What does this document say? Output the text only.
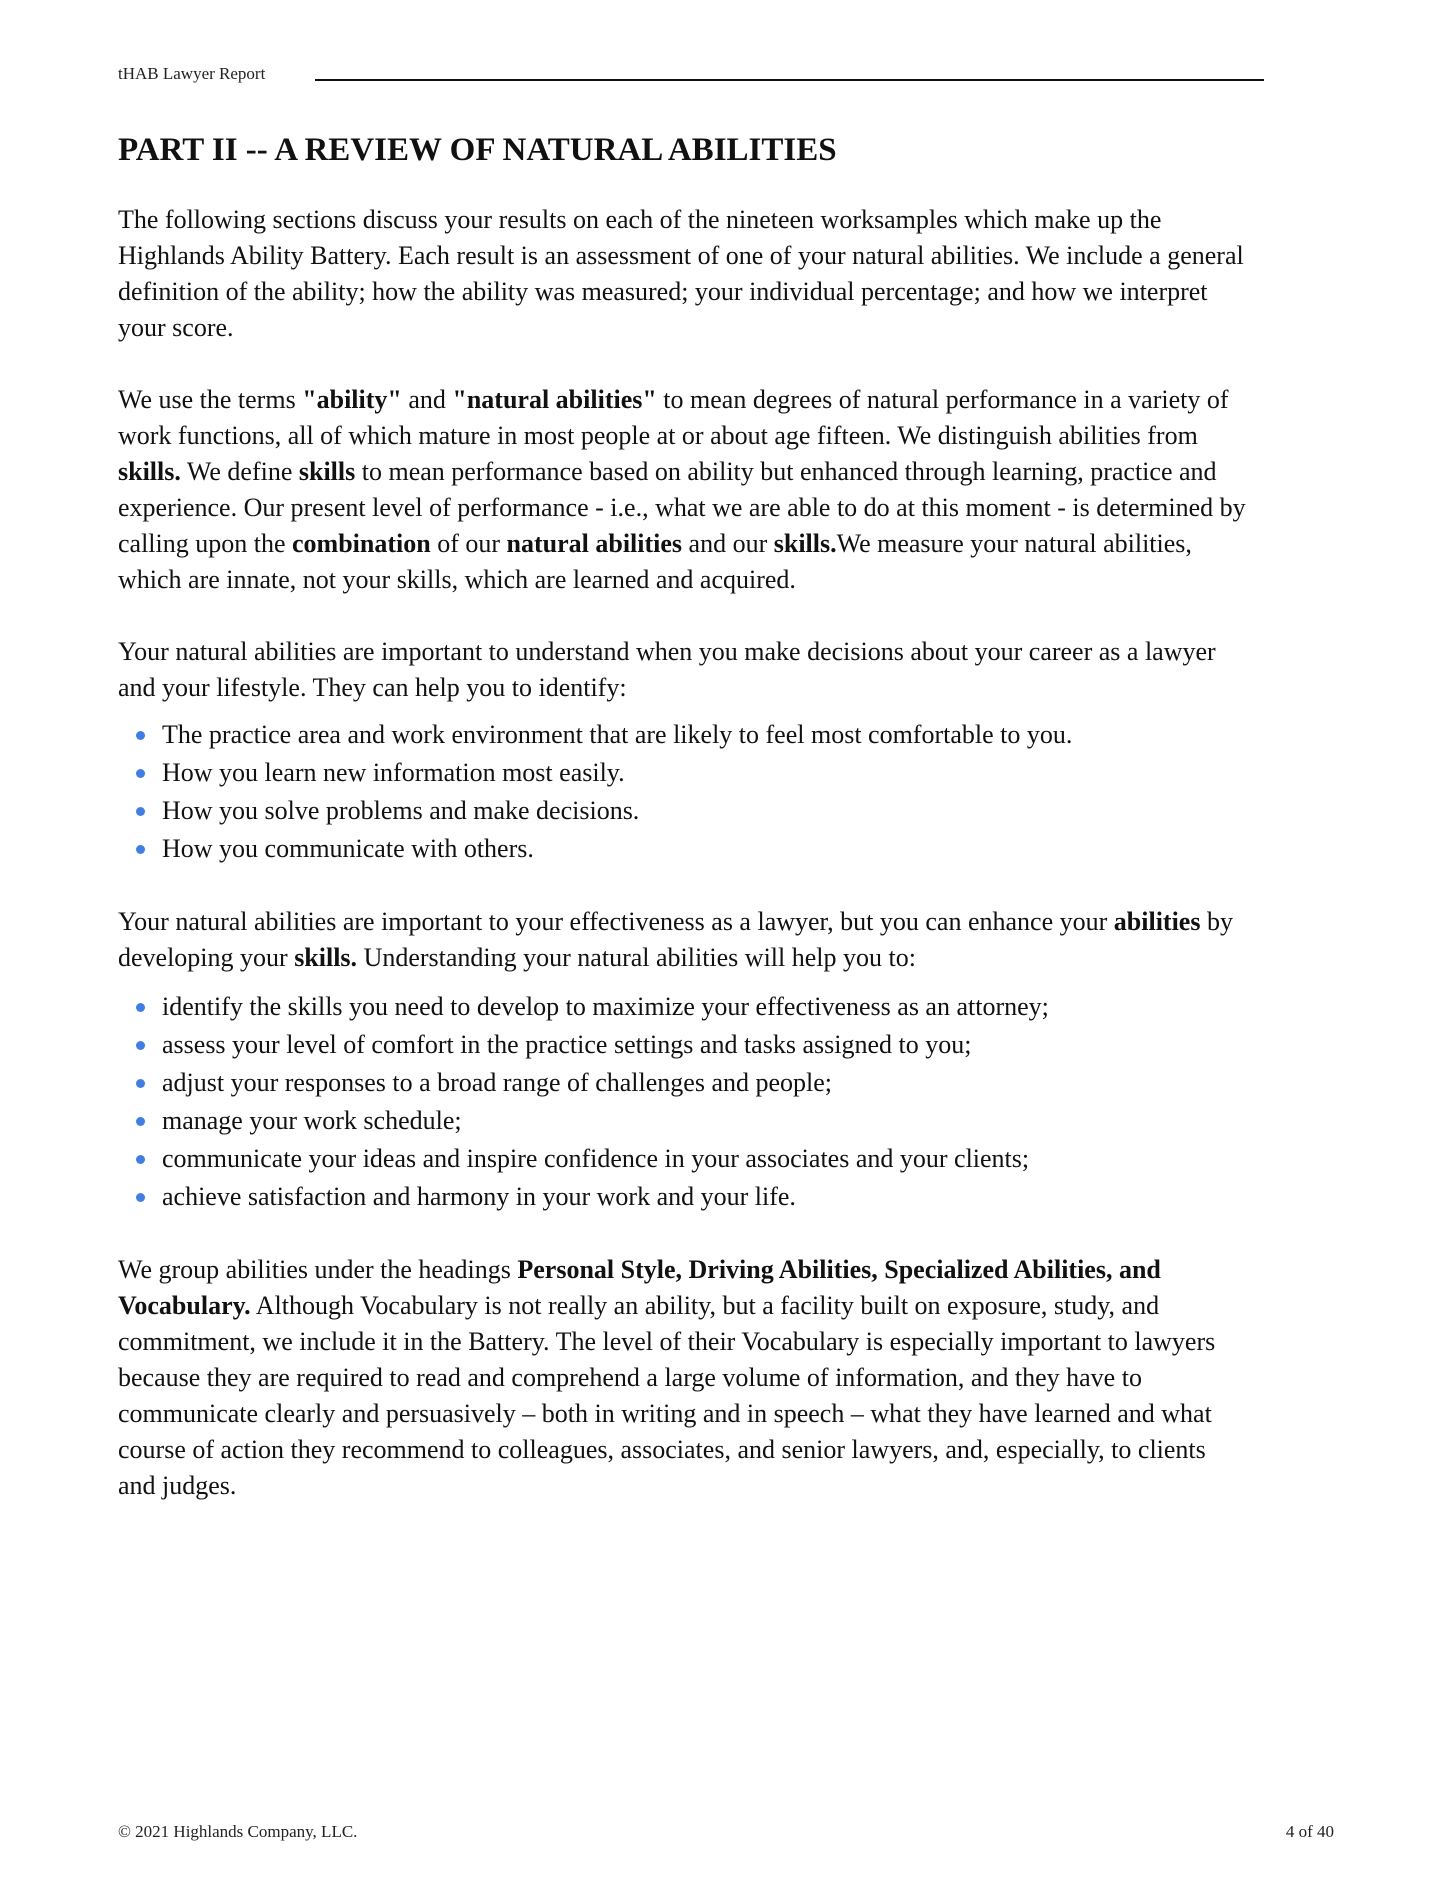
tHAB Lawyer Report
PART II -- A REVIEW OF NATURAL ABILITIES

The following sections discuss your results on each of the nineteen worksamples which make up the Highlands Ability Battery. Each result is an assessment of one of your natural abilities. We include a general definition of the ability; how the ability was measured; your individual percentage; and how we interpret your score.

We use the terms "ability" and "natural abilities" to mean degrees of natural performance in a variety of work functions, all of which mature in most people at or about age fifteen. We distinguish abilities from skills. We define skills to mean performance based on ability but enhanced through learning, practice and experience. Our present level of performance - i.e., what we are able to do at this moment - is determined by calling upon the combination of our natural abilities and our skills.We measure your natural abilities, which are innate, not your skills, which are learned and acquired.

Your natural abilities are important to understand when you make decisions about your career as a lawyer and your lifestyle. They can help you to identify:

The practice area and work environment that are likely to feel most comfortable to you.
How you learn new information most easily.
How you solve problems and make decisions.
How you communicate with others.

Your natural abilities are important to your effectiveness as a lawyer, but you can enhance your abilities by developing your skills. Understanding your natural abilities will help you to:

identify the skills you need to develop to maximize your effectiveness as an attorney;
assess your level of comfort in the practice settings and tasks assigned to you;
adjust your responses to a broad range of challenges and people;
manage your work schedule;
communicate your ideas and inspire confidence in your associates and your clients;
achieve satisfaction and harmony in your work and your life.

We group abilities under the headings Personal Style, Driving Abilities, Specialized Abilities, and Vocabulary. Although Vocabulary is not really an ability, but a facility built on exposure, study, and commitment, we include it in the Battery. The level of their Vocabulary is especially important to lawyers because they are required to read and comprehend a large volume of information, and they have to communicate clearly and persuasively – both in writing and in speech – what they have learned and what course of action they recommend to colleagues, associates, and senior lawyers, and, especially, to clients and judges.

© 2021 Highlands Company, LLC.	4 of 40
